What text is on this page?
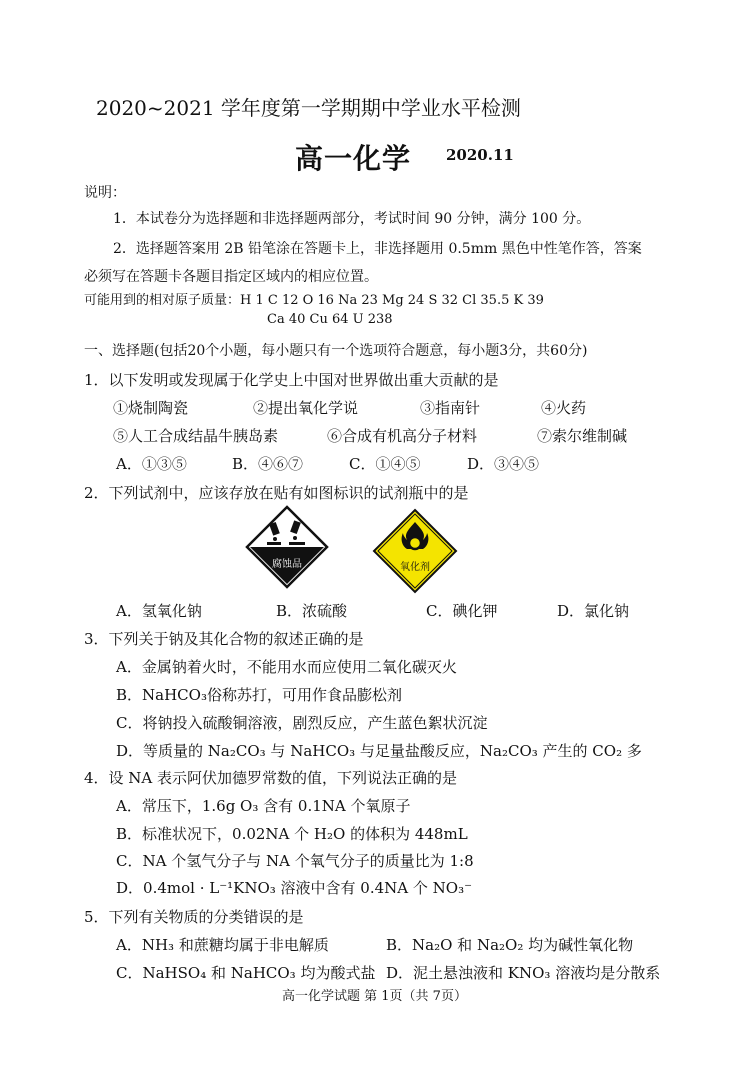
2020~2021 学年度第一学期期中学业水平检测
高一化学 2020.11
说明：
1．本试卷分为选择题和非选择题两部分，考试时间 90 分钟，满分 100 分。
2．选择题答案用 2B 铅笔涂在答题卡上，非选择题用 0.5mm 黑色中性笔作答，答案
必须写在答题卡各题目指定区域内的相应位置。
可能用到的相对原子质量：H 1 C 12 O 16 Na 23 Mg 24 S 32 Cl 35.5 K 39
Ca 40 Cu 64 U 238
一、选择题(包括20个小题，每小题只有一个选项符合题意，每小题3分，共60分)
1．以下发明或发现属于化学史上中国对世界做出重大贡献的是
①烧制陶瓷	②提出氧化学说	③指南针	④火药
⑤人工合成结晶牛胰岛素	⑥合成有机高分子材料	⑦索尔维制碱
A．①③⑤	B．④⑥⑦	C．①④⑤	D．③④⑤
2．下列试剂中，应该存放在贴有如图标识的试剂瓶中的是
腐蚀品	氧化剂
A．氢氧化钠	B．浓硫酸	C．碘化钾	D．氯化钠
3．下列关于钠及其化合物的叙述正确的是
A．金属钠着火时，不能用水而应使用二氧化碳灭火
B．NaHCO₃俗称苏打，可用作食品膨松剂
C．将钠投入硫酸铜溶液，剧烈反应，产生蓝色絮状沉淀
D．等质量的 Na₂CO₃ 与 NaHCO₃ 与足量盐酸反应，Na₂CO₃ 产生的 CO₂ 多
4．设 NA 表示阿伏加德罗常数的值，下列说法正确的是
A．常压下，1.6g O₃ 含有 0.1NA 个氧原子
B．标准状况下，0.02NA 个 H₂O 的体积为 448mL
C．NA 个氢气分子与 NA 个氧气分子的质量比为 1:8
D．0.4mol · L⁻¹KNO₃ 溶液中含有 0.4NA 个 NO₃⁻
5．下列有关物质的分类错误的是
A．NH₃ 和蔗糖均属于非电解质	B．Na₂O 和 Na₂O₂ 均为碱性氧化物
C．NaHSO₄ 和 NaHCO₃ 均为酸式盐 D．泥土悬浊液和 KNO₃ 溶液均是分散系
高一化学试题 第 1页（共 7页）
